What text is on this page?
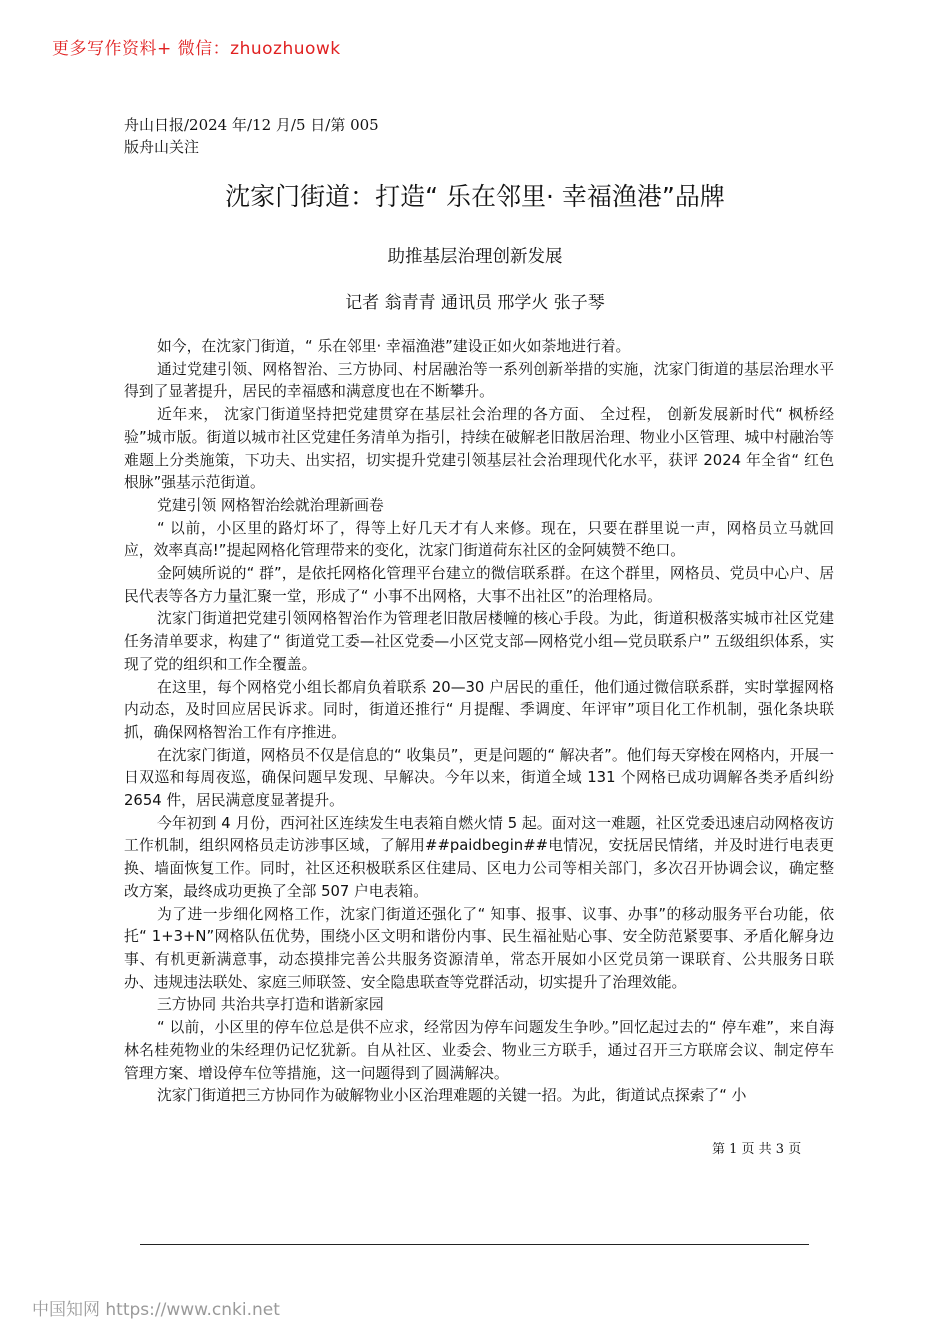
更多写作资料+ 微信：zhuozhuowk
舟山日报/2024 年/12 月/5 日/第 005
版舟山关注
沈家门街道：打造“ 乐在邻里· 幸福渔港”品牌
助推基层治理创新发展
记者 翁青青 通讯员 邢学火 张子琴

如今，在沈家门街道，“ 乐在邻里· 幸福渔港”建设正如火如荼地进行着。

通过党建引领、网格智治、三方协同、村居融治等一系列创新举措的实施，沈家门街道的基层治理水平得到了显著提升，居民的幸福感和满意度也在不断攀升。

近年来， 沈家门街道坚持把党建贯穿在基层社会治理的各方面、 全过程， 创新发展新时代“ 枫桥经验”城市版。街道以城市社区党建任务清单为指引，持续在破解老旧散居治理、物业小区管理、城中村融治等难题上分类施策，下功夫、出实招，切实提升党建引领基层社会治理现代化水平，获评 2024 年全省“ 红色根脉”强基示范街道。

党建引领 网格智治绘就治理新画卷

“ 以前，小区里的路灯坏了，得等上好几天才有人来修。现在，只要在群里说一声，网格员立马就回应，效率真高!”提起网格化管理带来的变化，沈家门街道荷东社区的金阿姨赞不绝口。

金阿姨所说的“ 群”，是依托网格化管理平台建立的微信联系群。在这个群里，网格员、党员中心户、居民代表等各方力量汇聚一堂，形成了“ 小事不出网格，大事不出社区”的治理格局。

沈家门街道把党建引领网格智治作为管理老旧散居楼幢的核心手段。为此，街道积极落实城市社区党建任务清单要求，构建了“ 街道党工委—社区党委—小区党支部—网格党小组—党员联系户” 五级组织体系，实现了党的组织和工作全覆盖。

在这里，每个网格党小组长都肩负着联系 20—30 户居民的重任，他们通过微信联系群，实时掌握网格内动态，及时回应居民诉求。同时，街道还推行“ 月提醒、季调度、年评审”项目化工作机制，强化条块联抓，确保网格智治工作有序推进。

在沈家门街道，网格员不仅是信息的“ 收集员”，更是问题的“ 解决者”。他们每天穿梭在网格内，开展一日双巡和每周夜巡，确保问题早发现、早解决。今年以来，街道全域 131 个网格已成功调解各类矛盾纠纷 2654 件，居民满意度显著提升。

今年初到 4 月份，西河社区连续发生电表箱自燃火情 5 起。面对这一难题，社区党委迅速启动网格夜访工作机制，组织网格员走访涉事区域，了解用##paidbegin##电情况，安抚居民情绪，并及时进行电表更换、墙面恢复工作。同时，社区还积极联系区住建局、区电力公司等相关部门，多次召开协调会议，确定整改方案，最终成功更换了全部 507 户电表箱。

为了进一步细化网格工作，沈家门街道还强化了“ 知事、报事、议事、办事”的移动服务平台功能，依托“ 1+3+N”网格队伍优势，围绕小区文明和谐份内事、民生福祉贴心事、安全防范紧要事、矛盾化解身边事、有机更新满意事，动态摸排完善公共服务资源清单，常态开展如小区党员第一课联育、公共服务日联办、违规违法联处、家庭三师联签、安全隐患联查等党群活动，切实提升了治理效能。

三方协同 共治共享打造和谐新家园

“ 以前，小区里的停车位总是供不应求，经常因为停车问题发生争吵。”回忆起过去的“ 停车难”，来自海林名桂苑物业的朱经理仍记忆犹新。自从社区、业委会、物业三方联手，通过召开三方联席会议、制定停车管理方案、增设停车位等措施，这一问题得到了圆满解决。

沈家门街道把三方协同作为破解物业小区治理难题的关键一招。为此，街道试点探索了“ 小

第 1 页 共 3 页
中国知网 https://www.cnki.net
